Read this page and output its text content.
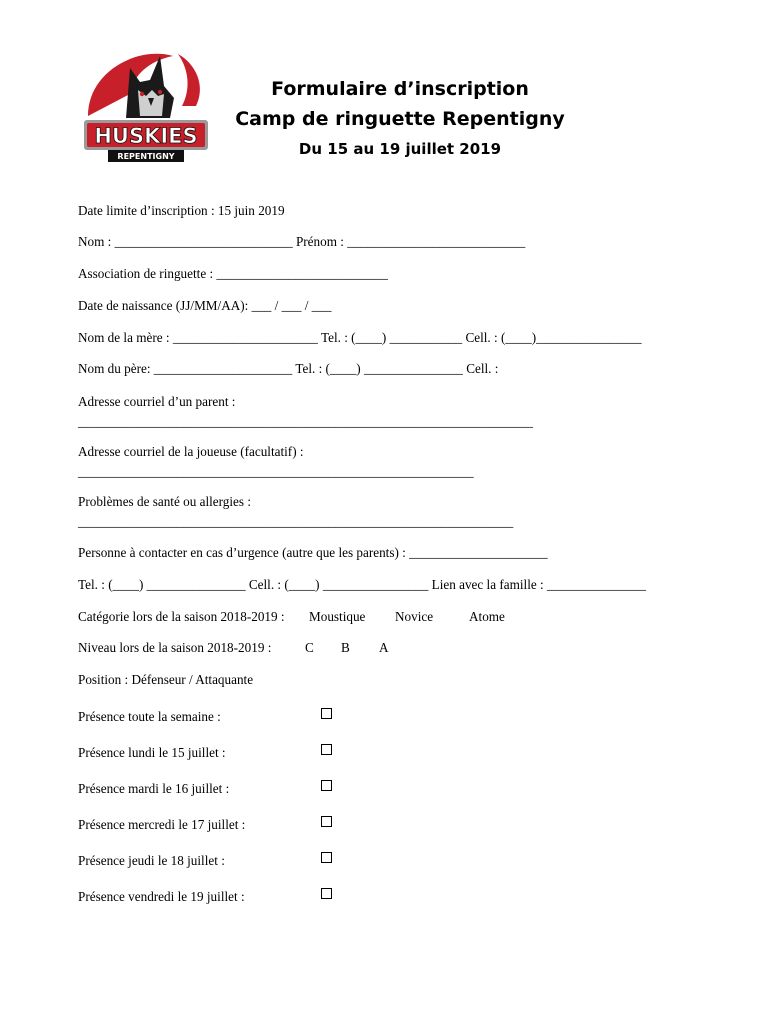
HUSKIES
REPENTIGNY
Formulaire d’inscription
Camp de ringuette Repentigny
Du 15 au 19 juillet 2019
Date limite d’inscription : 15 juin 2019
Nom : ___________________________ Prénom : ___________________________
Association de ringuette : __________________________
Date de naissance (JJ/MM/AA): ___ / ___ / ___
Nom de la mère : ______________________ Tel. : (____) ___________ Cell. : (____)________________
Nom du père: _____________________ Tel. : (____) _______________ Cell. :
Adresse courriel d’un parent :
_____________________________________________________________________
Adresse courriel de la joueuse (facultatif) :
____________________________________________________________
Problèmes de santé ou allergies :
__________________________________________________________________
Personne à contacter en cas d’urgence (autre que les parents) : _____________________
Tel. : (____) _______________ Cell. : (____) ________________ Lien avec la famille : _______________
Catégorie lors de la saison 2018-2019 : Moustique Novice	Atome
Niveau lors de la saison 2018-2019 :	C B A
Position : Défenseur / Attaquante
Présence toute la semaine :
Présence lundi le 15 juillet :
Présence mardi le 16 juillet :
Présence mercredi le 17 juillet :
Présence jeudi le 18 juillet :
Présence vendredi le 19 juillet :
